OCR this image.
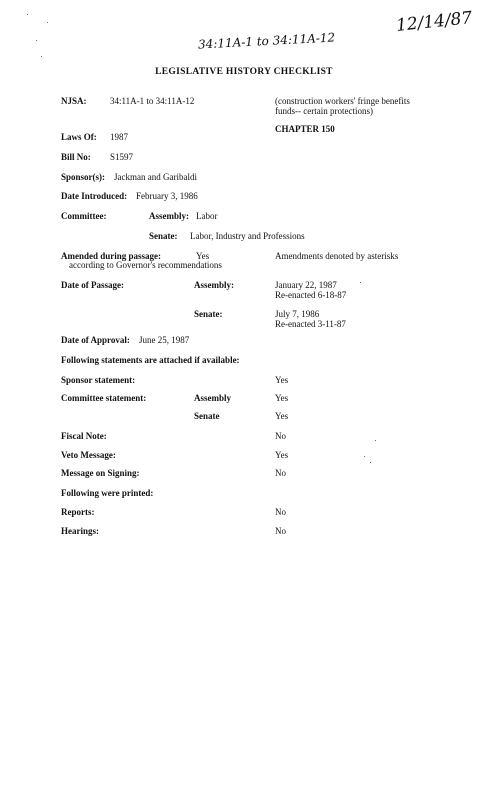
12/14/87
34:11A-1 to 34:11A-12
LEGISLATIVE HISTORY CHECKLIST
NJSA:	34:11A-1 to 34:11A-12	(construction workers' fringe benefits
funds-- certain protections)
CHAPTER 150
Laws Of: 1987
Bill No: S1597
Sponsor(s): Jackman and Garibaldi
Date Introduced: February 3, 1986
Committee:	Assembly: Labor
Senate: Labor, Industry and Professions
Amended during passage:	Yes	Amendments denoted by asterisks
according to Governor's recommendations
Date of Passage:	Assembly:	January 22, 1987
Re-enacted 6-18-87
Senate:	July 7, 1986
Re-enacted 3-11-87
Date of Approval: June 25, 1987
Following statements are attached if available:
Sponsor statement:	Yes
Committee statement:	Assembly	Yes
Senate	Yes
Fiscal Note:	No
Veto Message:	Yes
Message on Signing:	No
Following were printed:
Reports:	No
Hearings:	No
